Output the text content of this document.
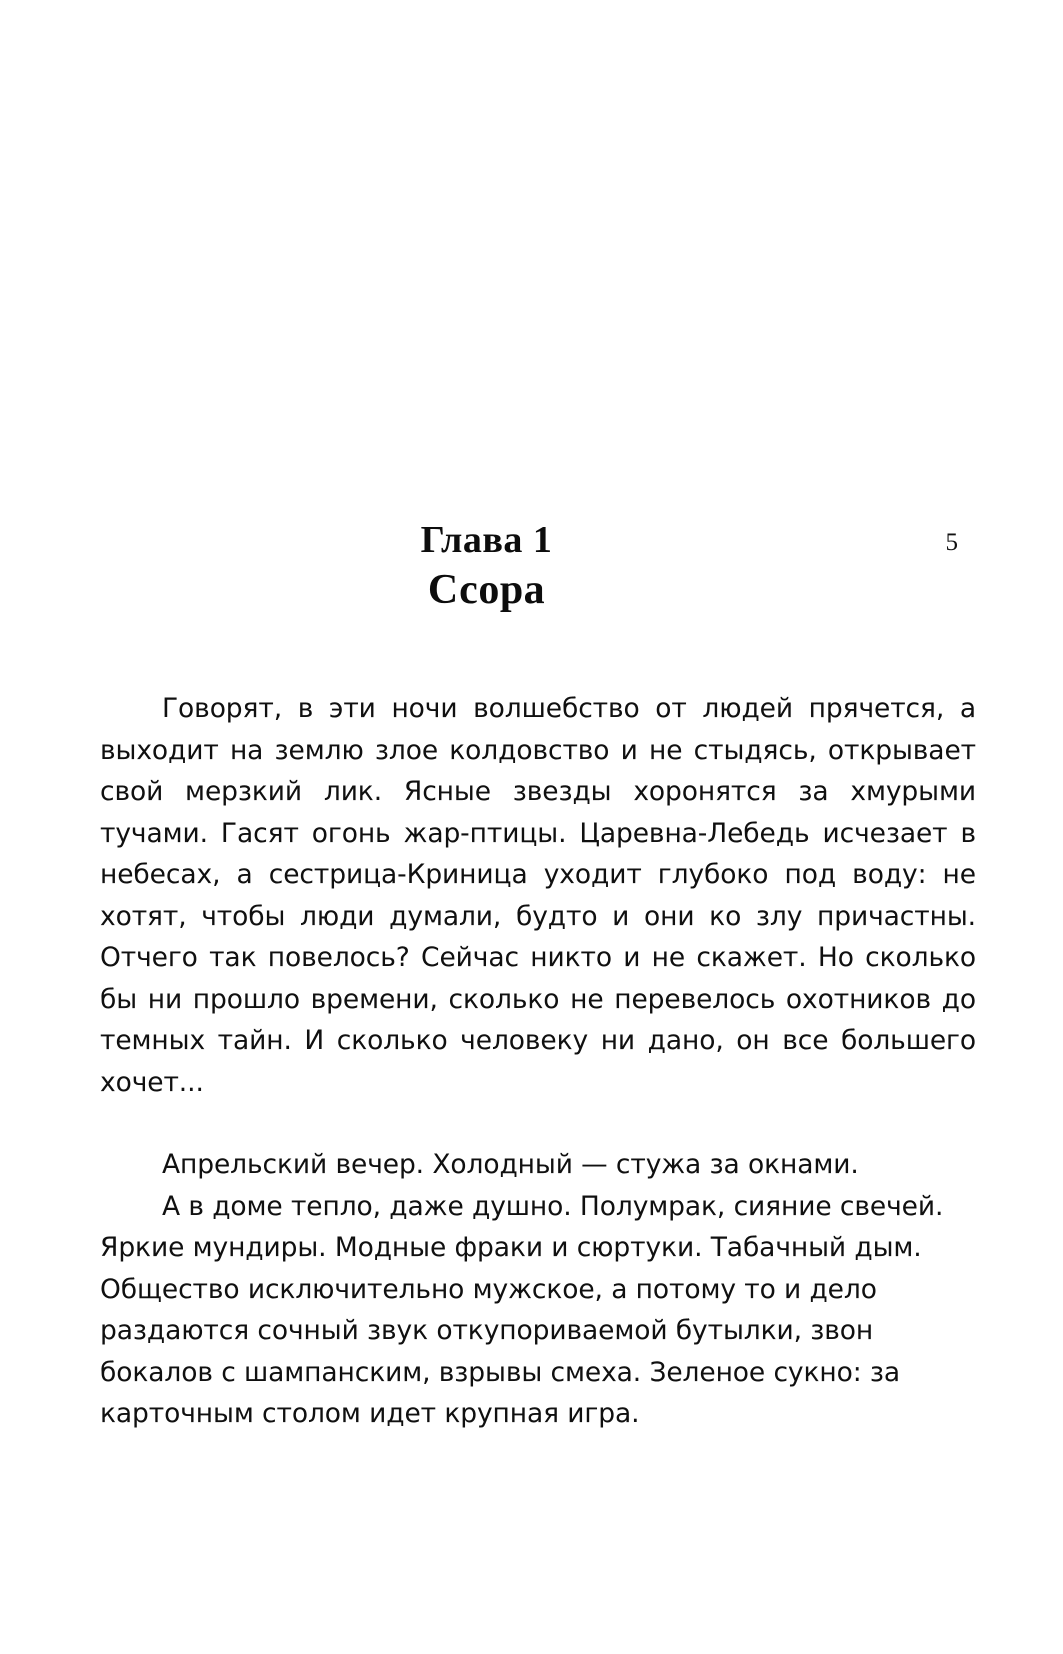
5
Глава 1
Ссора

Говорят, в эти ночи волшебство от людей прячется, а выходит на землю злое колдовство и не стыдясь, открывает свой мерзкий лик. Ясные звезды хоронятся за хмурыми тучами. Гасят огонь жар-птицы. Царевна-Лебедь исчезает в небесах, а сестрица-Криница уходит глубоко под воду: не хотят, чтобы люди думали, будто и они ко злу причастны. Отчего так повелось? Сейчас никто и не скажет. Но сколько бы ни прошло времени, сколько не перевелось охотников до темных тайн. И сколько человеку ни дано, он все большего хочет...

Апрельский вечер. Холодный — стужа за окнами.

А в доме тепло, даже душно. Полумрак, сияние свечей. Яркие мундиры. Модные фраки и сюртуки. Табачный дым. Общество исключительно мужское, а потому то и дело раздаются сочный звук откупориваемой бутылки, звон бокалов с шампанским, взрывы смеха. Зеленое сукно: за карточным столом идет крупная игра.
